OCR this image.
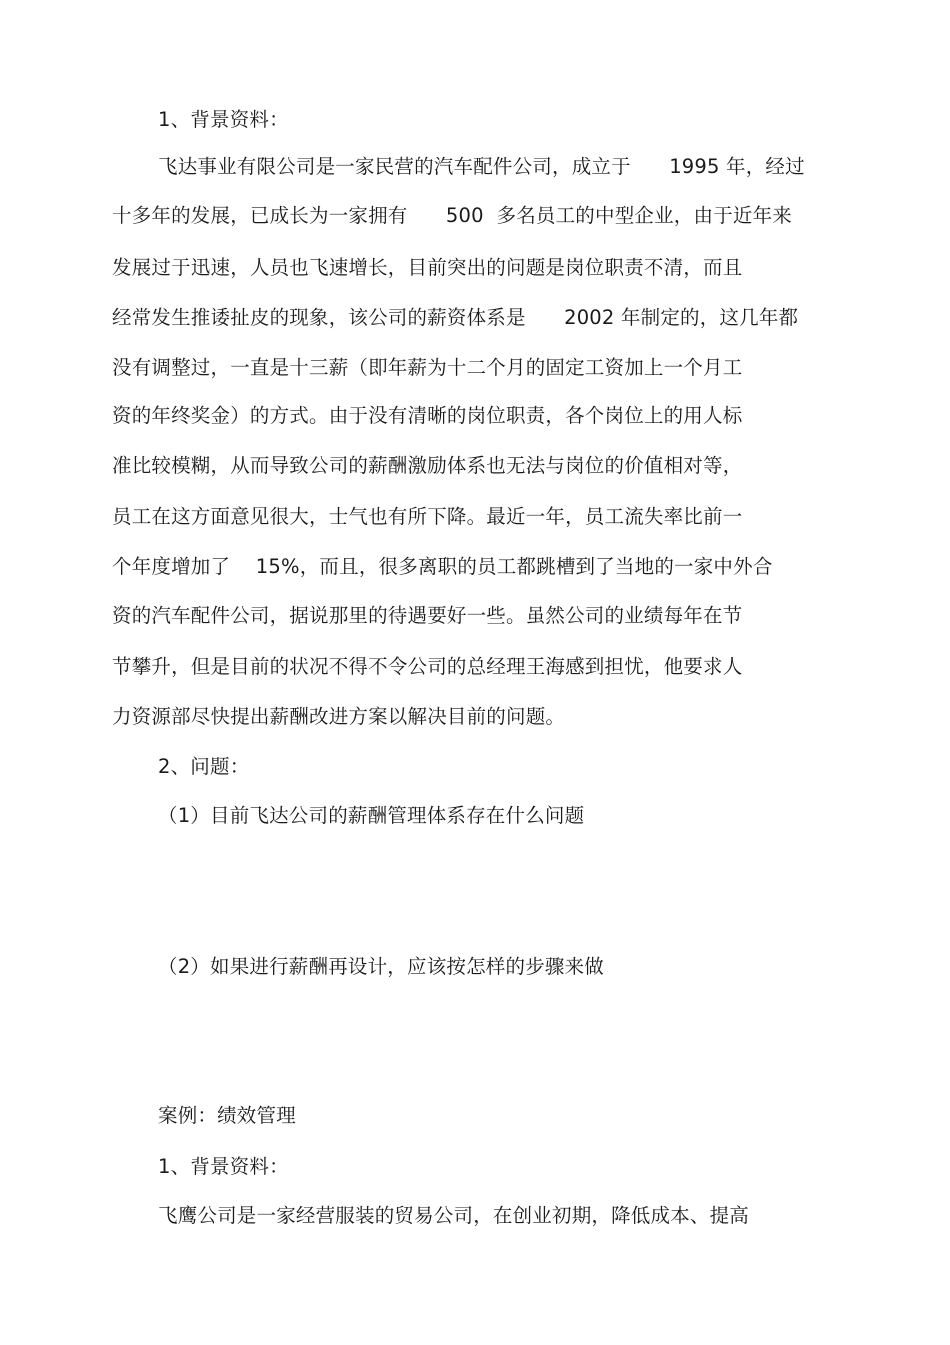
1、背景资料：
飞达事业有限公司是一家民营的汽车配件公司，成立于      1995 年，经过
十多年的发展，已成长为一家拥有      500  多名员工的中型企业，由于近年来
发展过于迅速，人员也飞速增长，目前突出的问题是岗位职责不清，而且
经常发生推诿扯皮的现象，该公司的薪资体系是      2002 年制定的，这几年都
没有调整过，一直是十三薪（即年薪为十二个月的固定工资加上一个月工
资的年终奖金）的方式。由于没有清晰的岗位职责，各个岗位上的用人标
准比较模糊，从而导致公司的薪酬激励体系也无法与岗位的价值相对等，
员工在这方面意见很大，士气也有所下降。最近一年，员工流失率比前一
个年度增加了    15%，而且，很多离职的员工都跳槽到了当地的一家中外合
资的汽车配件公司，据说那里的待遇要好一些。虽然公司的业绩每年在节
节攀升，但是目前的状况不得不令公司的总经理王海感到担忧，他要求人
力资源部尽快提出薪酬改进方案以解决目前的问题。
2、问题：
（1）目前飞达公司的薪酬管理体系存在什么问题
（2）如果进行薪酬再设计，应该按怎样的步骤来做
案例：绩效管理
1、背景资料：
飞鹰公司是一家经营服装的贸易公司，在创业初期，降低成本、提高
